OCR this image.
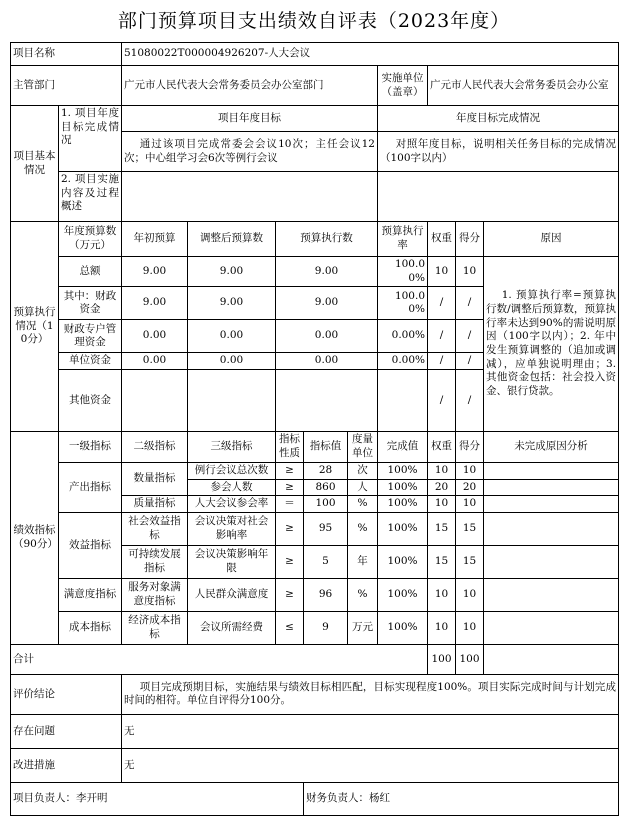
部门预算项目支出绩效自评表（2023年度）
项目名称		51080022T000004926207-人大会议								
主管部门		广元市人民代表大会常务委员会办公室部门					实施单位（盖章）	广元市人民代表大会常务委员会办公室		
项目基本情况	1. 项目年度目标完成情况	项目年度目标					年度目标完成情况			
		通过该项目完成常委会会议10次；主任会议12次；中心组学习会6次等例行会议					对照年度目标，说明相关任务目标的完成情况（100字以内）			
	2. 项目实施内容及过程概述									
预算执行情况（10分）	年度预算数（万元）	年初预算	调整后预算数	预算执行数			预算执行率	权重	得分	原因
	总额	9.00	9.00	9.00			100.00%	10	10	1. 预算执行率=预算执行数/调整后预算数，预算执行率未达到90%的需说明原因（100字以内）；2. 年中发生预算调整的（追加或调减），应单独说明理由；3. 其他资金包括：社会投入资金、银行贷款。
	其中：财政资金	9.00	9.00	9.00			100.00%	/	/	
	财政专户管理资金	0.00	0.00	0.00			0.00%	/	/	
	单位资金	0.00	0.00	0.00			0.00%	/	/	
	其他资金							/	/	
绩效指标（90分）	一级指标	二级指标	三级指标	指标性质	指标值	度量单位	完成值	权重	得分	未完成原因分析
	产出指标	数量指标	例行会议总次数	≥	28	次	100%	10	10	
			参会人数	≥	860	人	100%	20	20	
		质量指标	人大会议参会率	＝	100	%	100%	10	10	
	效益指标	社会效益指标	会议决策对社会影响率	≥	95	%	100%	15	15	
		可持续发展指标	会议决策影响年限	≥	5	年	100%	15	15	
	满意度指标	服务对象满意度指标	人民群众满意度	≥	96	%	100%	10	10	
	成本指标	经济成本指标	会议所需经费	≤	9	万元	100%	10	10	
合计								100	100	
评价结论		项目完成预期目标，实施结果与绩效目标相匹配，目标实现程度100%。项目实际完成时间与计划完成时间的相符。单位自评得分100分。								
存在问题		无								
改进措施		无								
项目负责人：李开明					财务负责人：杨红					
